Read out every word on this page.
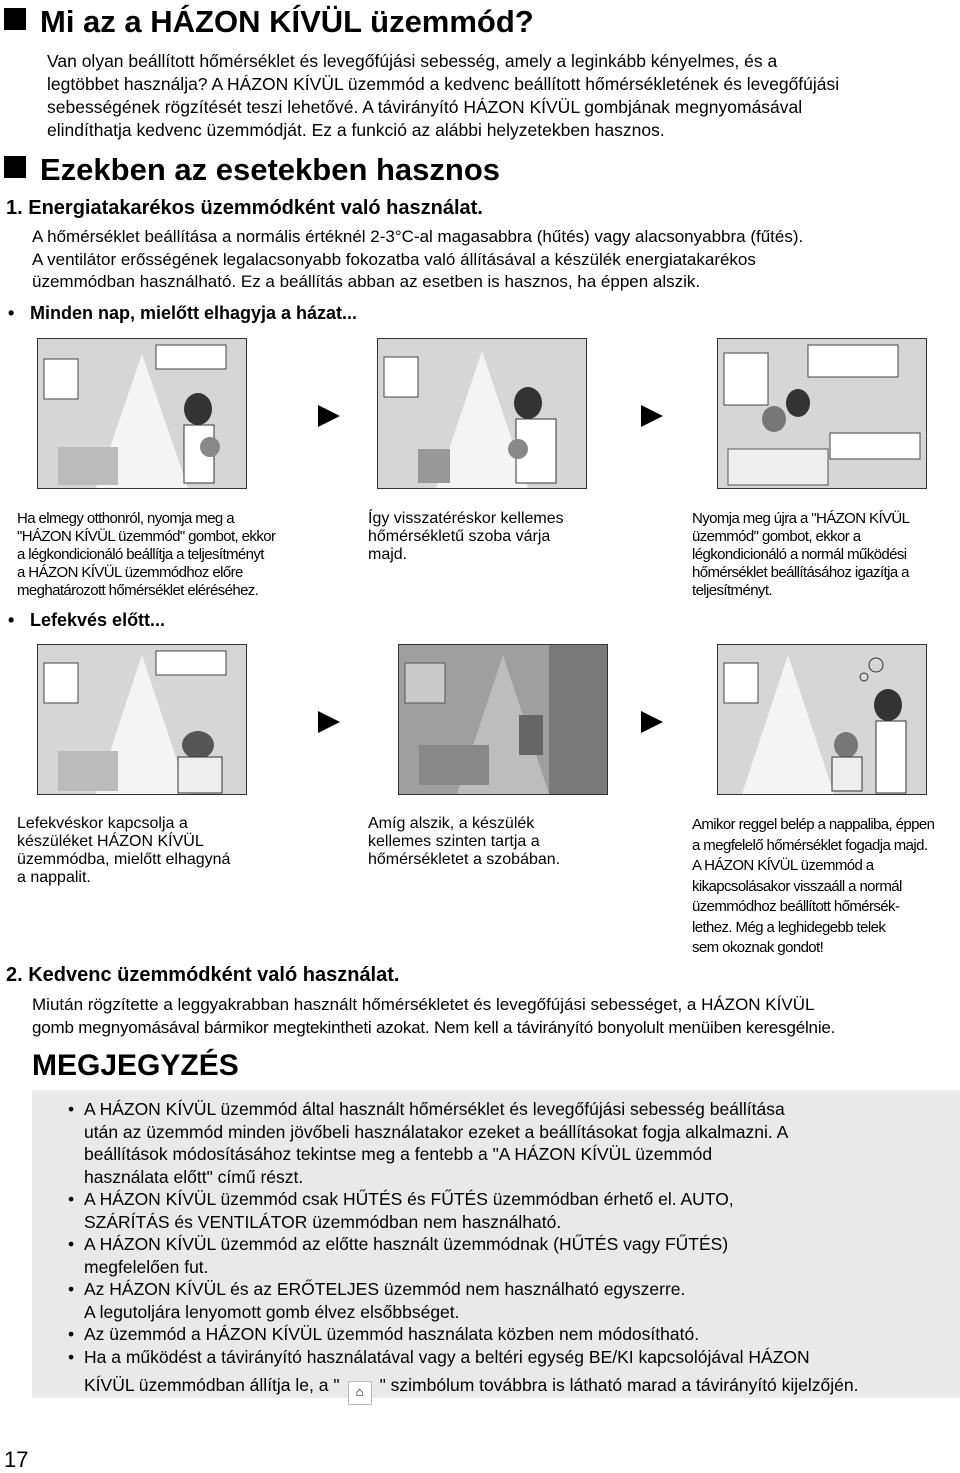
Mi az a HÁZON KÍVÜL üzemmód?
Van olyan beállított hőmérséklet és levegőfújási sebesség, amely a leginkább kényelmes, és a
legtöbbet használja? A HÁZON KÍVÜL üzemmód a kedvenc beállított hőmérsékletének és levegőfújási
sebességének rögzítését teszi lehetővé. A távirányító HÁZON KÍVÜL gombjának megnyomásával
elindíthatja kedvenc üzemmódját. Ez a funkció az alábbi helyzetekben hasznos.
Ezekben az esetekben hasznos
1. Energiatakarékos üzemmódként való használat.
A hőmérséklet beállítása a normális értéknél 2-3°C-al magasabbra (hűtés) vagy alacsonyabbra (fűtés).
A ventilátor erősségének legalacsonyabb fokozatba való állításával a készülék energiatakarékos
üzemmódban használható. Ez a beállítás abban az esetben is hasznos, ha éppen alszik.
• Minden nap, mielőtt elhagyja a házat...
Ha elmegy otthonról, nyomja meg a
"HÁZON KÍVÜL üzemmód" gombot, ekkor
a légkondicionáló beállítja a teljesítményt
a HÁZON KÍVÜL üzemmódhoz előre
meghatározott hőmérséklet eléréséhez.
Így visszatéréskor kellemes
hőmérsékletű szoba várja
majd.
Nyomja meg újra a "HÁZON KÍVÜL
üzemmód" gombot, ekkor a
légkondicionáló a normál működési
hőmérséklet beállításához igazítja a
teljesítményt.
• Lefekvés előtt...
Lefekvéskor kapcsolja a
készüléket HÁZON KÍVÜL
üzemmódba, mielőtt elhagyná
a nappalit.
Amíg alszik, a készülék
kellemes szinten tartja a
hőmérsékletet a szobában.
Amikor reggel belép a nappaliba, éppen
a megfelelő hőmérséklet fogadja majd.
A HÁZON KÍVÜL üzemmód a
kikapcsolásakor visszaáll a normál
üzemmódhoz beállított hőmérsék-
lethez. Még a leghidegebb telek
sem okoznak gondot!
2. Kedvenc üzemmódként való használat.
Miután rögzítette a leggyakrabban használt hőmérsékletet és levegőfújási sebességet, a HÁZON KÍVÜL
gomb megnyomásával bármikor megtekintheti azokat. Nem kell a távirányító bonyolult menüiben keresgélnie.
MEGJEGYZÉS
• A HÁZON KÍVÜL üzemmód által használt hőmérséklet és levegőfújási sebesség beállítása
után az üzemmód minden jövőbeli használatakor ezeket a beállításokat fogja alkalmazni. A
beállítások módosításához tekintse meg a fentebb a "A HÁZON KÍVÜL üzemmód
használata előtt" című részt.
• A HÁZON KÍVÜL üzemmód csak HŰTÉS és FŰTÉS üzemmódban érhető el. AUTO,
SZÁRÍTÁS és VENTILÁTOR üzemmódban nem használható.
• A HÁZON KÍVÜL üzemmód az előtte használt üzemmódnak (HŰTÉS vagy FŰTÉS)
megfelelően fut.
• Az HÁZON KÍVÜL és az ERŐTELJES üzemmód nem használható egyszerre.
A legutoljára lenyomott gomb élvez elsőbbséget.
• Az üzemmód a HÁZON KÍVÜL üzemmód használata közben nem módosítható.
• Ha a működést a távirányító használatával vagy a beltéri egység BE/KI kapcsolójával HÁZON
KÍVÜL üzemmódban állítja le, a " ⌂ " szimbólum továbbra is látható marad a távirányító kijelzőjén.
17
